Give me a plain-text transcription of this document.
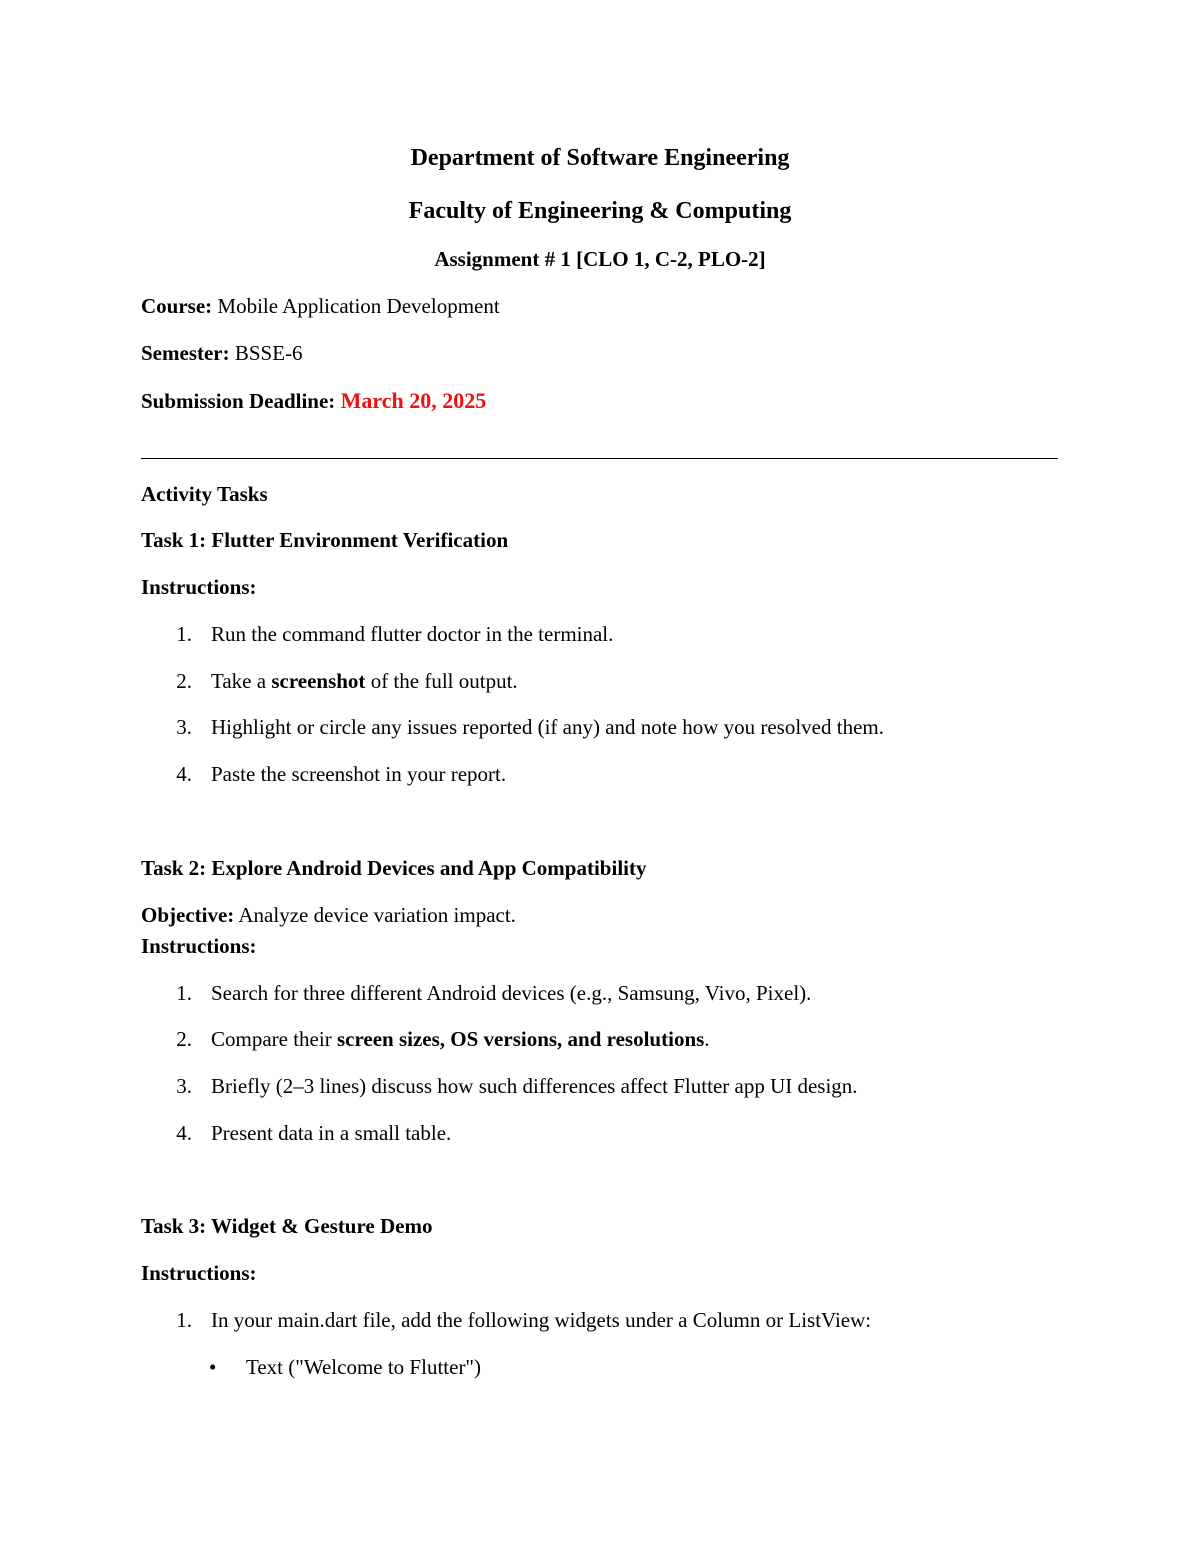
Department of Software Engineering
Faculty of Engineering & Computing
Assignment # 1 [CLO 1, C-2, PLO-2]
Course: Mobile Application Development
Semester: BSSE-6
Submission Deadline: March 20, 2025
Activity Tasks
Task 1: Flutter Environment Verification
Instructions:
1. Run the command flutter doctor in the terminal.
2. Take a screenshot of the full output.
3. Highlight or circle any issues reported (if any) and note how you resolved them.
4. Paste the screenshot in your report.
Task 2: Explore Android Devices and App Compatibility
Objective: Analyze device variation impact.
Instructions:
1. Search for three different Android devices (e.g., Samsung, Vivo, Pixel).
2. Compare their screen sizes, OS versions, and resolutions.
3. Briefly (2–3 lines) discuss how such differences affect Flutter app UI design.
4. Present data in a small table.
Task 3: Widget & Gesture Demo
Instructions:
1. In your main.dart file, add the following widgets under a Column or ListView:
• Text ("Welcome to Flutter")
